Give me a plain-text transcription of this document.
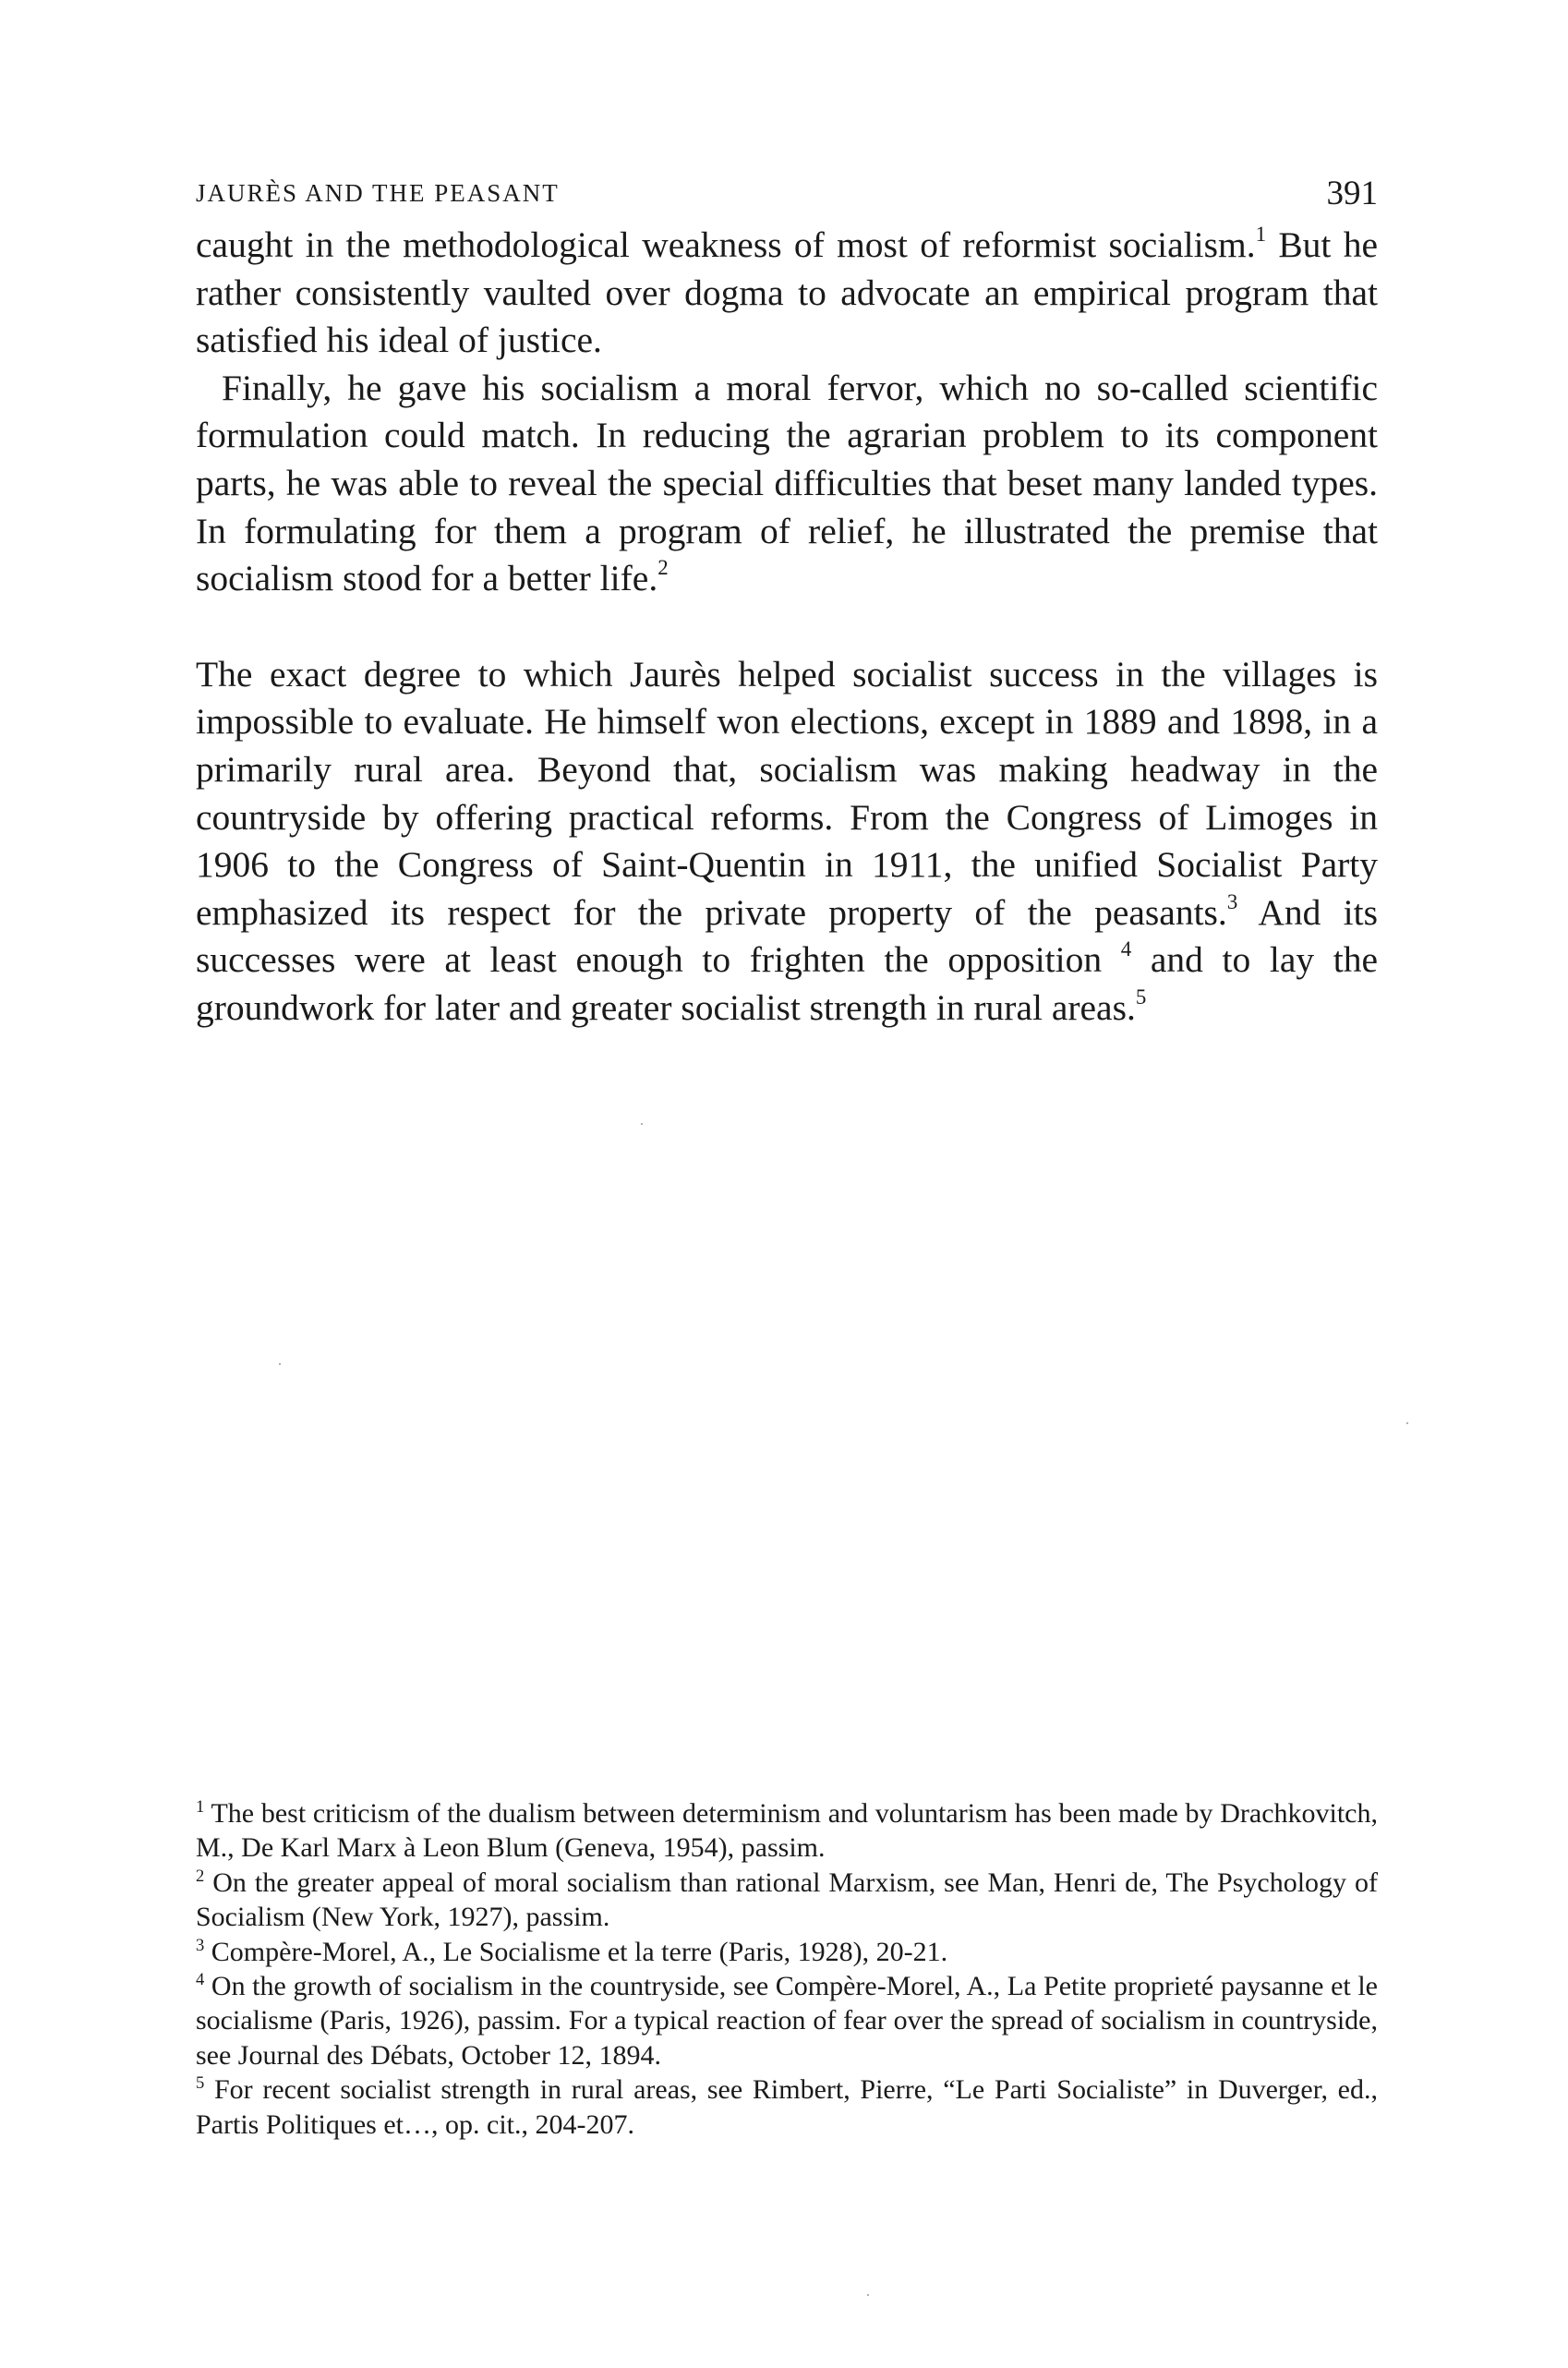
JAURÈS AND THE PEASANT	391

caught in the methodological weakness of most of reformist socialism.$^1$ But he rather consistently vaulted over dogma to advocate an empirical program that satisfied his ideal of justice.

Finally, he gave his socialism a moral fervor, which no so-called scientific formulation could match. In reducing the agrarian problem to its component parts, he was able to reveal the special difficulties that beset many landed types. In formulating for them a program of relief, he illustrated the premise that socialism stood for a better life.$^2$

The exact degree to which Jaurès helped socialist success in the villages is impossible to evaluate. He himself won elections, except in 1889 and 1898, in a primarily rural area. Beyond that, socialism was making headway in the countryside by offering practical reforms. From the Congress of Limoges in 1906 to the Congress of Saint-Quentin in 1911, the unified Socialist Party emphasized its respect for the private property of the peasants.$^3$ And its successes were at least enough to frighten the opposition $^4$ and to lay the groundwork for later and greater socialist strength in rural areas.$^5$

$^1$ The best criticism of the dualism between determinism and voluntarism has been made by Drachkovitch, M., De Karl Marx à Leon Blum (Geneva, 1954), passim.

$^2$ On the greater appeal of moral socialism than rational Marxism, see Man, Henri de, The Psychology of Socialism (New York, 1927), passim.

$^3$ Compère-Morel, A., Le Socialisme et la terre (Paris, 1928), 20-21.

$^4$ On the growth of socialism in the countryside, see Compère-Morel, A., La Petite proprieté paysanne et le socialisme (Paris, 1926), passim. For a typical reaction of fear over the spread of socialism in countryside, see Journal des Débats, October 12, 1894.

$^5$ For recent socialist strength in rural areas, see Rimbert, Pierre, “Le Parti Socialiste” in Duverger, ed., Partis Politiques et…, op. cit., 204-207.
